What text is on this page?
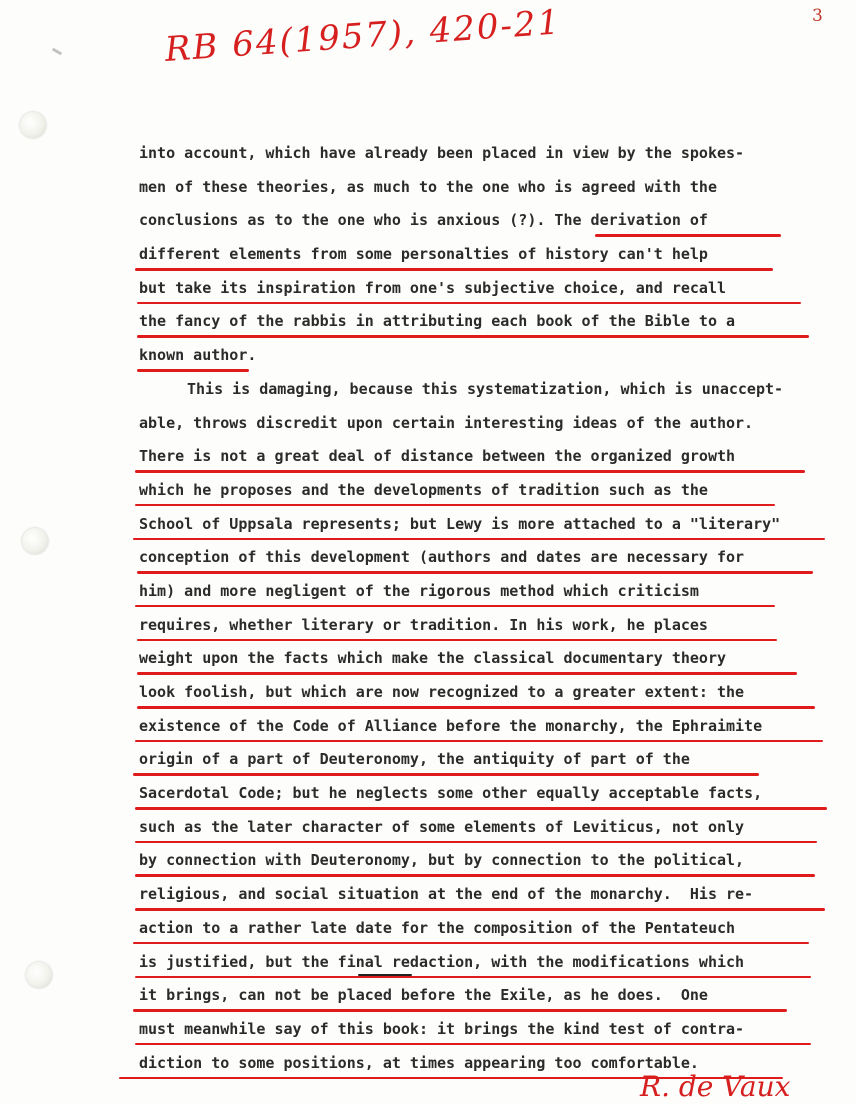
3
RB 64(1957), 420-21
into account, which have already been placed in view by the spokes-
men of these theories, as much to the one who is agreed with the
conclusions as to the one who is anxious (?). The derivation of
different elements from some personalties of history can't help
but take its inspiration from one's subjective choice, and recall
the fancy of the rabbis in attributing each book of the Bible to a
known author.
This is damaging, because this systematization, which is unaccept-
able, throws discredit upon certain interesting ideas of the author.
There is not a great deal of distance between the organized growth
which he proposes and the developments of tradition such as the
School of Uppsala represents; but Lewy is more attached to a "literary"
conception of this development (authors and dates are necessary for
him) and more negligent of the rigorous method which criticism
requires, whether literary or tradition. In his work, he places
weight upon the facts which make the classical documentary theory
look foolish, but which are now recognized to a greater extent: the
existence of the Code of Alliance before the monarchy, the Ephraimite
origin of a part of Deuteronomy, the antiquity of part of the
Sacerdotal Code; but he neglects some other equally acceptable facts,
such as the later character of some elements of Leviticus, not only
by connection with Deuteronomy, but by connection to the political,
religious, and social situation at the end of the monarchy.  His re-
action to a rather late date for the composition of the Pentateuch
is justified, but the final redaction, with the modifications which
it brings, can not be placed before the Exile, as he does.  One
must meanwhile say of this book: it brings the kind test of contra-
diction to some positions, at times appearing too comfortable.
R. de Vaux
